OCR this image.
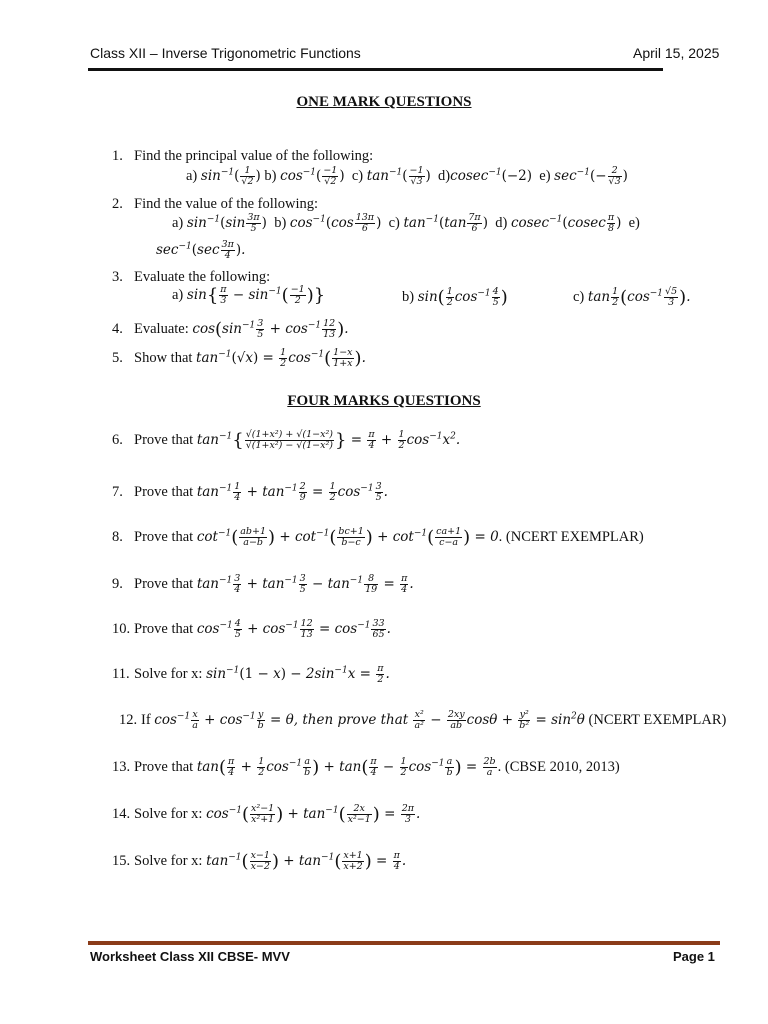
Class XII – Inverse Trigonometric Functions	April 15, 2025
ONE MARK QUESTIONS
1. Find the principal value of the following:
a) $\sin^{-1}( \frac{1}{√2}$ ) b) $\cos^{-1}( \frac{-1}{√2}$ ) c) $\tan^{-1}( \frac{-1}{√3}$ ) d)cosec$^{-1}$(−2) e) $\sec^{-1}(- \frac{2}{√3}$ )
2. Find the value of the following:
a) $\sin^{-1}(\sin \frac{3\pi}{5}$ ) b) $\cos^{-1}(\cos \frac{13\pi}{6}$ ) c) $\tan^{-1}(\tan \frac{7\pi}{6}$ ) d) $cosec^{-1}(cosec \frac{\pi}{8}$ ) e)
$\sec^{-1}(\sec \frac{3\pi}{4}$ ).
3. Evaluate the following:
a) $\sin\{ \frac{\pi}{3} - \sin^{-1}( \frac{-1}{2}$ )}	b) $\sin( \frac{1}{2} \cos^{-1} \frac{4}{5}$ )	c) $\tan \frac{1}{2} (\cos^{-1} \frac{√5}{3}$ ).
4. Evaluate: $\cos(\sin^{-1} \frac{3}{5} + \cos^{-1} \frac{12}{13}$ ).
5. Show that $\tan^{-1}(√x) = \frac{1}{2} \cos^{-1}( \frac{1-x}{1+x}$ ).
FOUR MARKS QUESTIONS
6. Prove that $\tan^{-1}\{ \frac{\text{√(1+x²) + √(1−x²)}}{\text{√(1+x²) − √(1−x²)}}$ } = $\frac{\pi}{4} + \frac{1}{2} \cos^{-1}x^2$.
7. Prove that $\tan^{-1} \frac{1}{4} + \tan^{-1} \frac{2}{9} = \frac{1}{2} \cos^{-1} \frac{3}{5}$ .
8. Prove that $\cot^{-1}( \frac{ab+1}{a-b}$ ) + $\cot^{-1}( \frac{bc+1}{b-c}$ ) + $\cot^{-1}( \frac{ca+1}{c-a}$ ) = 0. (NCERT EXEMPLAR)
9. Prove that $\tan^{-1} \frac{3}{4} + \tan^{-1} \frac{3}{5} - \tan^{-1} \frac{8}{19} = \frac{\pi}{4}$ .
10. Prove that $\cos^{-1} \frac{4}{5} + \cos^{-1} \frac{12}{13} = \cos^{-1} \frac{33}{65}$ .
11. Solve for x: $\sin^{-1}(1 - x) - 2\sin^{-1}x = \frac{\pi}{2}$ .
12. If $\cos^{-1} \frac{x}{a} + \cos^{-1} \frac{y}{b} = \theta$, then prove that $\frac{\text{x²}}{\text{a²}} - \frac{2xy}{ab}$ $\cos\theta + \frac{\text{y²}}{\text{b²}} = \sin^2\theta$ (NCERT EXEMPLAR)
13. Prove that $\tan( \frac{\pi}{4} + \frac{1}{2} \cos^{-1} \frac{a}{b}$ ) + $\tan( \frac{\pi}{4} - \frac{1}{2} \cos^{-1} \frac{a}{b}$ ) = $\frac{2b}{a}$ . (CBSE 2010, 2013)
14. Solve for x: $\cos^{-1}( \frac{\text{x²−1}}{\text{x²+1}}$ ) + $\tan^{-1}( \frac{2x}{\text{x²−1}}$ ) = $\frac{2\pi}{3}$ .
15. Solve for x: $\tan^{-1}( \frac{x-1}{x-2}$ ) + $\tan^{-1}( \frac{x+1}{x+2}$ ) = $\frac{\pi}{4}$ .
Worksheet Class XII CBSE- MVV	Page 1
